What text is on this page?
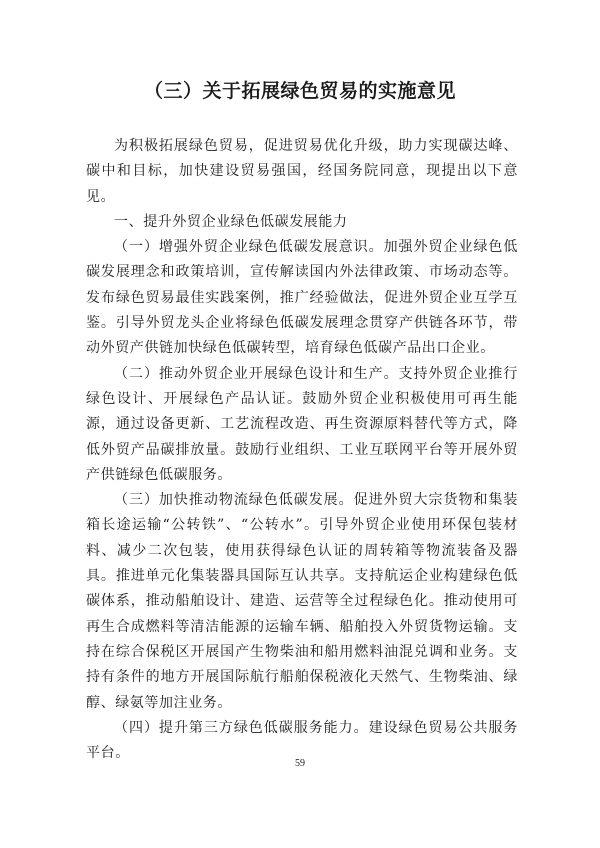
（三）关于拓展绿色贸易的实施意见

为积极拓展绿色贸易，促进贸易优化升级，助力实现碳达峰、碳中和目标，加快建设贸易强国，经国务院同意，现提出以下意见。

一、提升外贸企业绿色低碳发展能力

（一）增强外贸企业绿色低碳发展意识。加强外贸企业绿色低碳发展理念和政策培训，宣传解读国内外法律政策、市场动态等。发布绿色贸易最佳实践案例，推广经验做法，促进外贸企业互学互鉴。引导外贸龙头企业将绿色低碳发展理念贯穿产供链各环节，带动外贸产供链加快绿色低碳转型，培育绿色低碳产品出口企业。

（二）推动外贸企业开展绿色设计和生产。支持外贸企业推行绿色设计、开展绿色产品认证。鼓励外贸企业积极使用可再生能源，通过设备更新、工艺流程改造、再生资源原料替代等方式，降低外贸产品碳排放量。鼓励行业组织、工业互联网平台等开展外贸产供链绿色低碳服务。

（三）加快推动物流绿色低碳发展。促进外贸大宗货物和集装箱长途运输“公转铁”、“公转水”。引导外贸企业使用环保包装材料、减少二次包装，使用获得绿色认证的周转箱等物流装备及器具。推进单元化集装器具国际互认共享。支持航运企业构建绿色低碳体系，推动船舶设计、建造、运营等全过程绿色化。推动使用可再生合成燃料等清洁能源的运输车辆、船舶投入外贸货物运输。支持在综合保税区开展国产生物柴油和船用燃料油混兑调和业务。支持有条件的地方开展国际航行船舶保税液化天然气、生物柴油、绿醇、绿氨等加注业务。

（四）提升第三方绿色低碳服务能力。建设绿色贸易公共服务平台。

59
